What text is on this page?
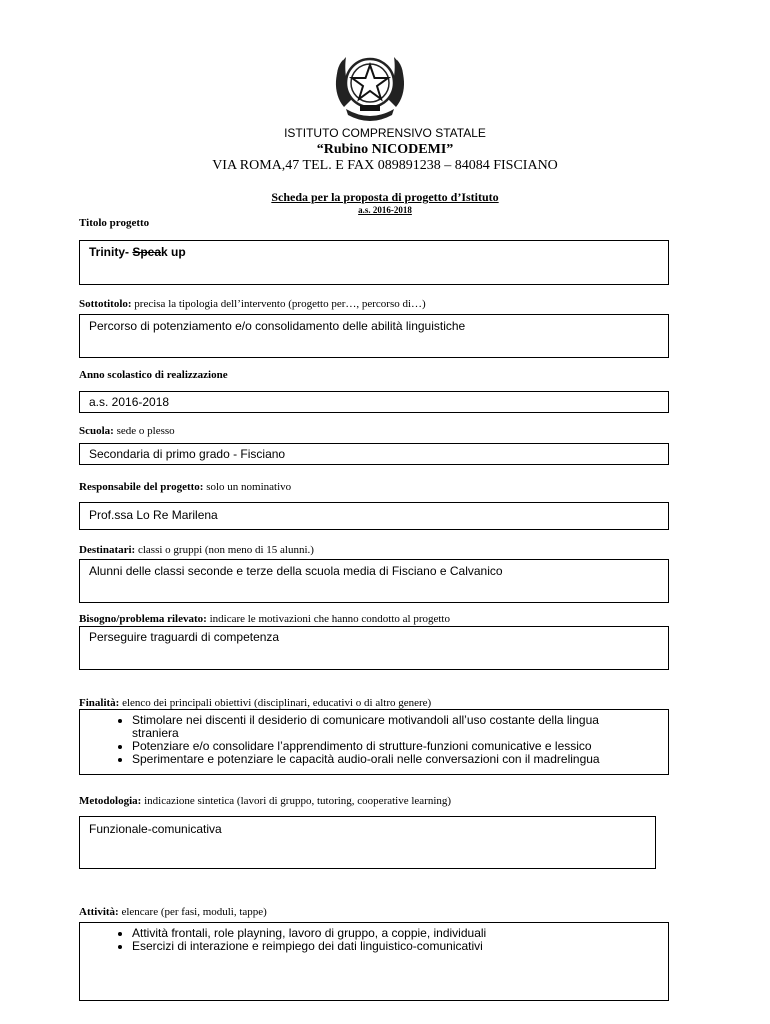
ISTITUTO COMPRENSIVO STATALE
“Rubino NICODEMI”
VIA ROMA,47 TEL. E FAX 089891238 – 84084 FISCIANO
Scheda per la proposta di progetto d’Istituto
a.s. 2016-2018
Titolo progetto
Trinity- Speak up
Sottotitolo: precisa la tipologia dell’intervento (progetto per…, percorso di…)
Percorso di potenziamento e/o consolidamento delle abilità linguistiche
Anno scolastico di realizzazione
a.s. 2016-2018
Scuola: sede o plesso
Secondaria di primo grado - Fisciano
Responsabile del progetto: solo un nominativo
Prof.ssa Lo Re Marilena
Destinatari: classi o gruppi (non meno di 15 alunni.)
Alunni delle classi seconde e terze della scuola media di Fisciano e Calvanico
Bisogno/problema rilevato: indicare le motivazioni che hanno condotto al progetto
Perseguire traguardi di competenza
Finalità: elenco dei principali obiettivi (disciplinari, educativi o di altro genere)
• Stimolare nei discenti il desiderio di comunicare motivandoli all’uso costante della lingua straniera
• Potenziare e/o consolidare l’apprendimento di strutture-funzioni comunicative e lessico
• Sperimentare e potenziare le capacità audio-orali nelle conversazioni con il madrelingua
Metodologia: indicazione sintetica (lavori di gruppo, tutoring, cooperative learning)
Funzionale-comunicativa
Attività: elencare (per fasi, moduli, tappe)
• Attività frontali, role playning, lavoro di gruppo, a coppie, individuali
• Esercizi di interazione e reimpiego dei dati linguistico-comunicativi
